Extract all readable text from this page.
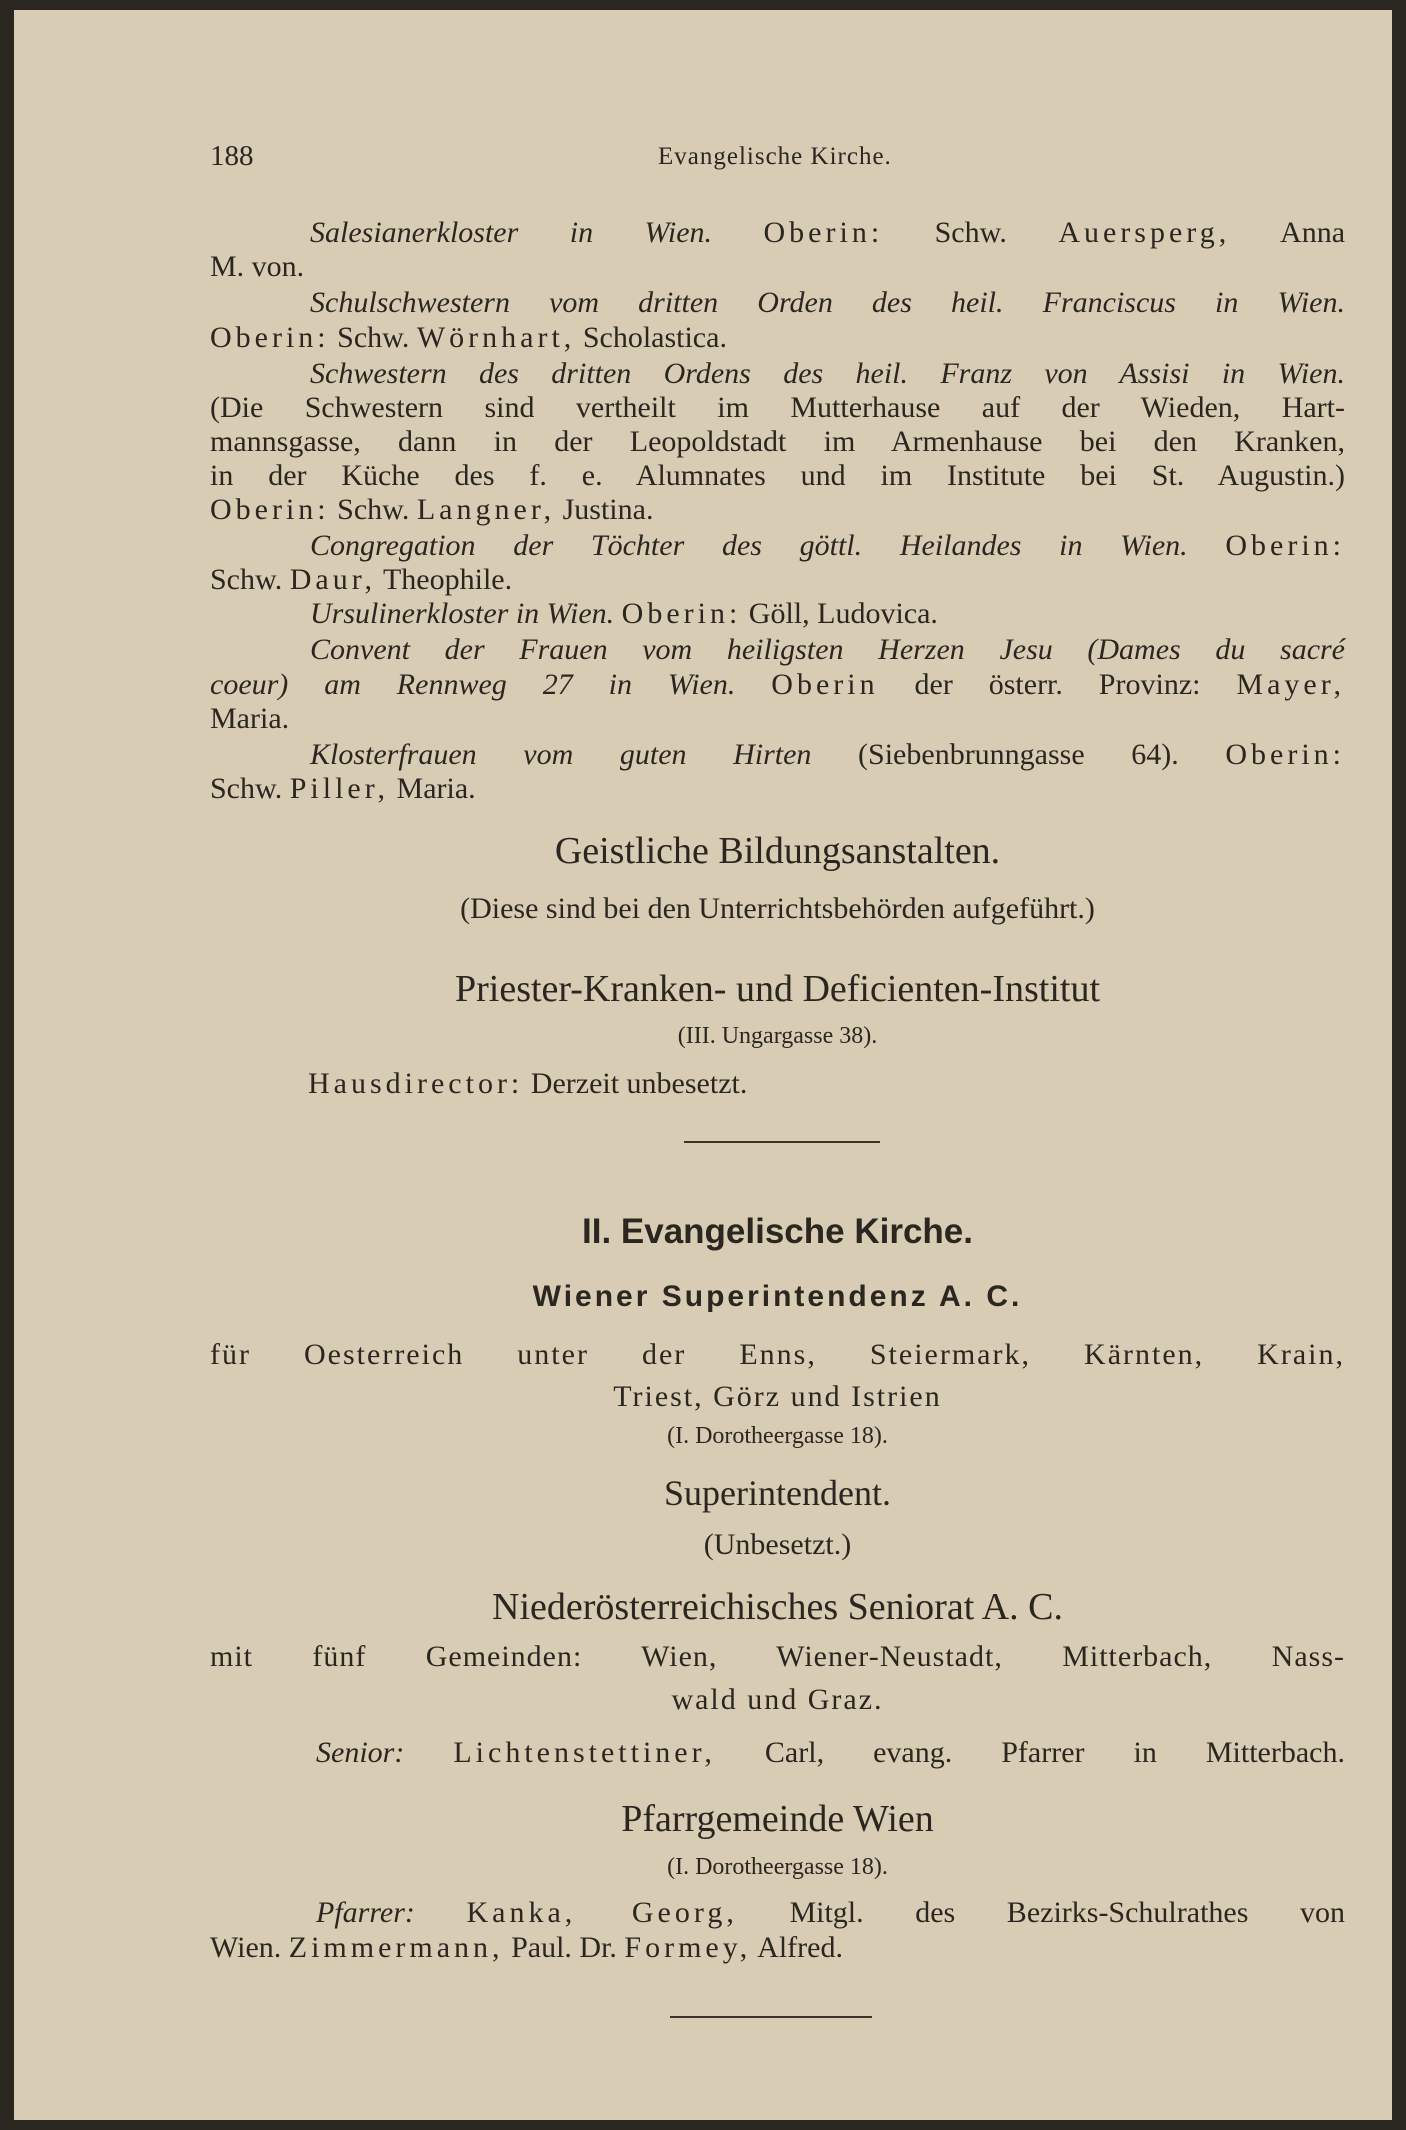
188	Evangelische Kirche.
Salesianerkloster in Wien. Oberin: Schw. Auersperg, Anna
M. von.
Schulschwestern vom dritten Orden des heil. Franciscus in Wien.
Oberin: Schw. Wörnhart, Scholastica.
Schwestern des dritten Ordens des heil. Franz von Assisi in Wien.
(Die Schwestern sind vertheilt im Mutterhause auf der Wieden, Hart-
mannsgasse, dann in der Leopoldstadt im Armenhause bei den Kranken,
in der Küche des f. e. Alumnates und im Institute bei St. Augustin.)
Oberin: Schw. Langner, Justina.
Congregation der Töchter des göttl. Heilandes in Wien. Oberin:
Schw. Daur, Theophile.
Ursulinerkloster in Wien. Oberin: Göll, Ludovica.
Convent der Frauen vom heiligsten Herzen Jesu (Dames du sacré
coeur) am Rennweg 27 in Wien. Oberin der österr. Provinz: Mayer,
Maria.
Klosterfrauen vom guten Hirten (Siebenbrunngasse 64). Oberin:
Schw. Piller, Maria.
Geistliche Bildungsanstalten.
(Diese sind bei den Unterrichtsbehörden aufgeführt.)
Priester-Kranken- und Deficienten-Institut
(III. Ungargasse 38).
Hausdirector: Derzeit unbesetzt.
II. Evangelische Kirche.
Wiener Superintendenz A. C.
für Oesterreich unter der Enns, Steiermark, Kärnten, Krain,
Triest, Görz und Istrien
(I. Dorotheergasse 18).
Superintendent.
(Unbesetzt.)
Niederösterreichisches Seniorat A. C.
mit fünf Gemeinden: Wien, Wiener-Neustadt, Mitterbach, Nass-
wald und Graz.
Senior: Lichtenstettiner, Carl, evang. Pfarrer in Mitterbach.
Pfarrgemeinde Wien
(I. Dorotheergasse 18).
Pfarrer: Kanka, Georg, Mitgl. des Bezirks-Schulrathes von
Wien. Zimmermann, Paul. Dr. Formey, Alfred.
